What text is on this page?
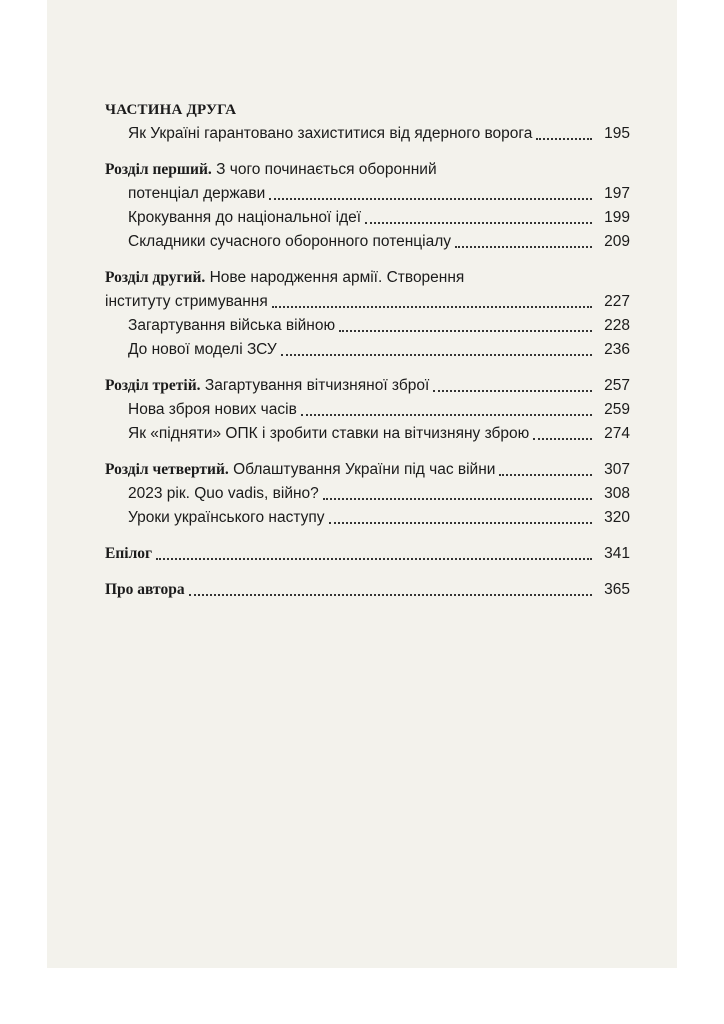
ЧАСТИНА ДРУГА
Як Україні гарантовано захиститися від ядерного ворога	195
Розділ перший. З чого починається оборонний
потенціал держави	197
Крокування до національної ідеї	199
Складники сучасного оборонного потенціалу	209
Розділ другий. Нове народження армії. Створення
інституту стримування	227
Загартування війська війною	228
До нової моделі ЗСУ	236
Розділ третій. Загартування вітчизняної зброї	257
Нова зброя нових часів	259
Як «підняти» ОПК і зробити ставки на вітчизняну зброю	274
Розділ четвертий. Облаштування України під час війни	307
2023 рік. Quo vadis, війно?	308
Уроки українського наступу	320
Епілог	341
Про автора	365
